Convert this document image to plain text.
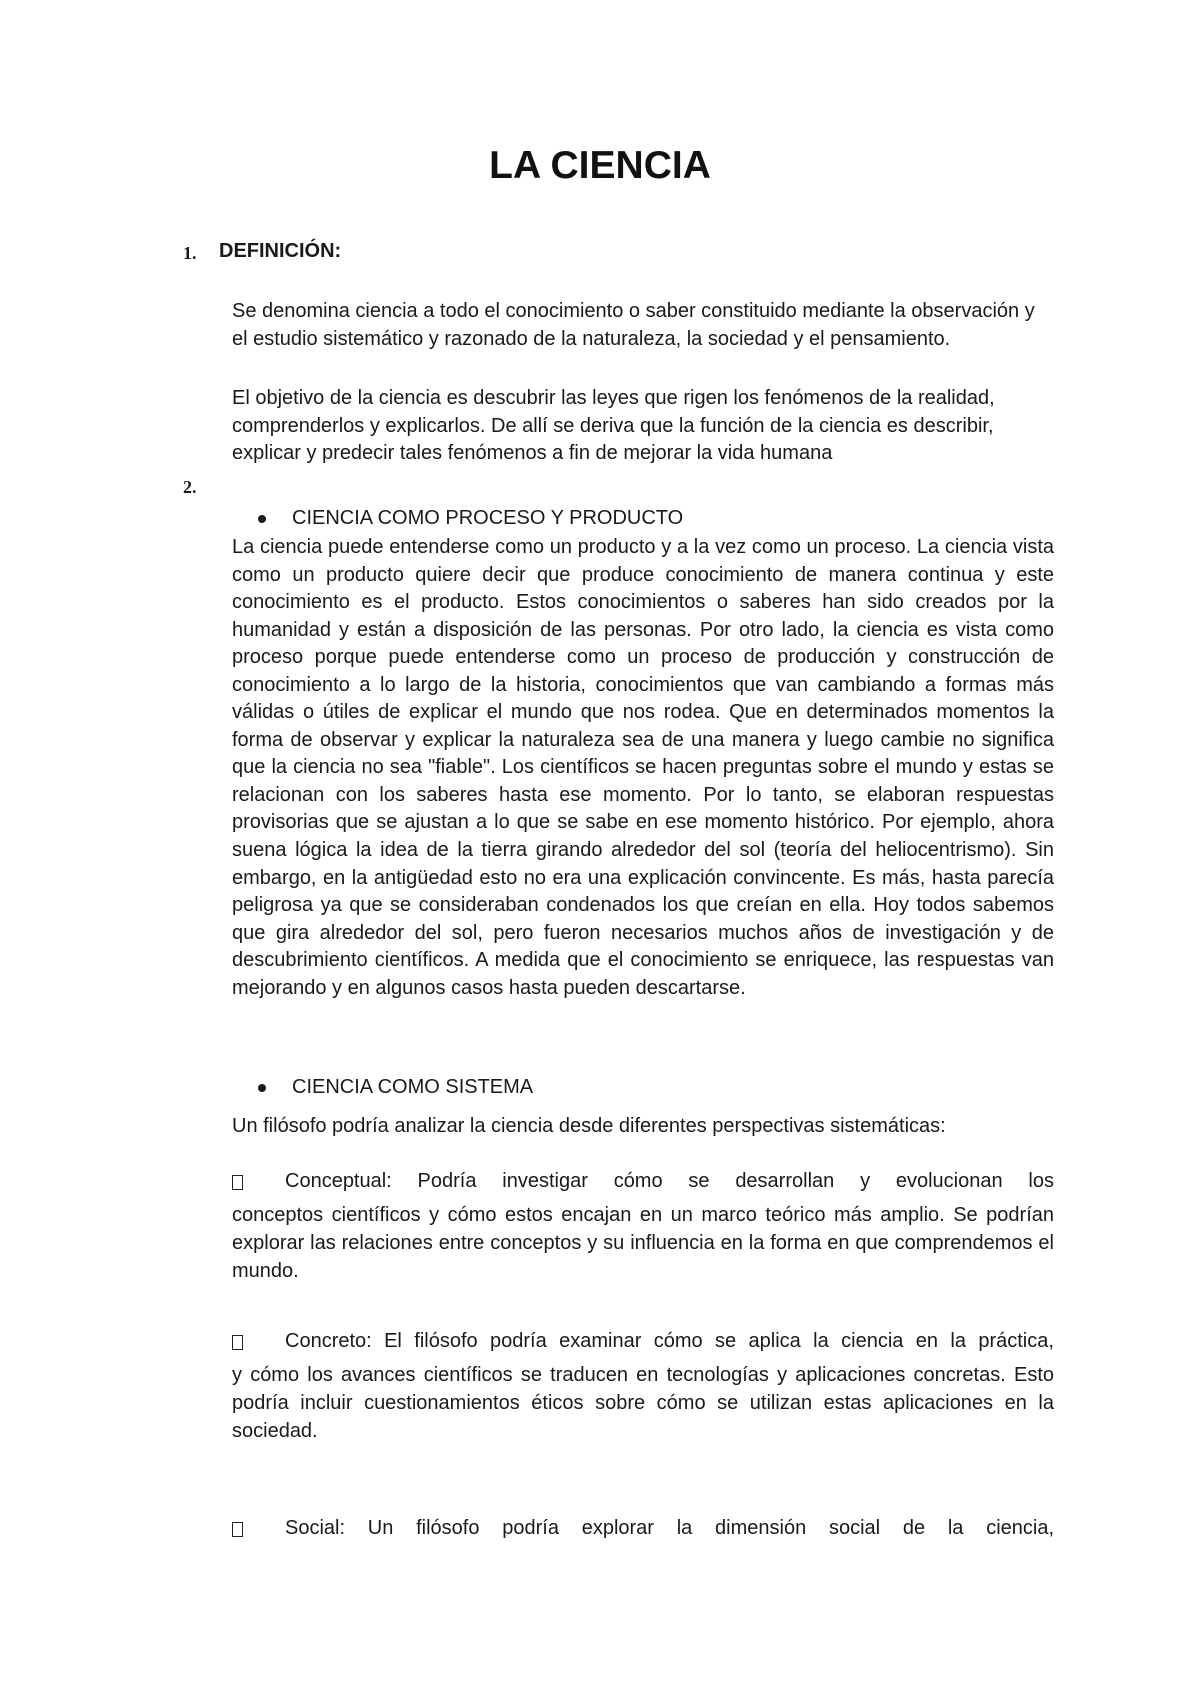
LA CIENCIA
1. DEFINICIÓN:

Se denomina ciencia a todo el conocimiento o saber constituido mediante la observación y el estudio sistemático y razonado de la naturaleza, la sociedad y el pensamiento.

El objetivo de la ciencia es descubrir las leyes que rigen los fenómenos de la realidad, comprenderlos y explicarlos. De allí se deriva que la función de la ciencia es describir, explicar y predecir tales fenómenos a fin de mejorar la vida humana

2.
CIENCIA COMO PROCESO Y PRODUCTO

La ciencia puede entenderse como un producto y a la vez como un proceso. La ciencia vista como un producto quiere decir que produce conocimiento de manera continua y este conocimiento es el producto. Estos conocimientos o saberes han sido creados por la humanidad y están a disposición de las personas. Por otro lado, la ciencia es vista como proceso porque puede entenderse como un proceso de producción y construcción de conocimiento a lo largo de la historia, conocimientos que van cambiando a formas más válidas o útiles de explicar el mundo que nos rodea. Que en determinados momentos la forma de observar y explicar la naturaleza sea de una manera y luego cambie no significa que la ciencia no sea "fiable". Los científicos se hacen preguntas sobre el mundo y estas se relacionan con los saberes hasta ese momento. Por lo tanto, se elaboran respuestas provisorias que se ajustan a lo que se sabe en ese momento histórico. Por ejemplo, ahora suena lógica la idea de la tierra girando alrededor del sol (teoría del heliocentrismo). Sin embargo, en la antigüedad esto no era una explicación convincente. Es más, hasta parecía peligrosa ya que se consideraban condenados los que creían en ella. Hoy todos sabemos que gira alrededor del sol, pero fueron necesarios muchos años de investigación y de descubrimiento científicos. A medida que el conocimiento se enriquece, las respuestas van mejorando y en algunos casos hasta pueden descartarse.

CIENCIA COMO SISTEMA

Un filósofo podría analizar la ciencia desde diferentes perspectivas sistemáticas:

Conceptual: Podría investigar cómo se desarrollan y evolucionan los

conceptos científicos y cómo estos encajan en un marco teórico más amplio. Se podrían explorar las relaciones entre conceptos y su influencia en la forma en que comprendemos el mundo.

Concreto: El filósofo podría examinar cómo se aplica la ciencia en la práctica,

y cómo los avances científicos se traducen en tecnologías y aplicaciones concretas. Esto podría incluir cuestionamientos éticos sobre cómo se utilizan estas aplicaciones en la sociedad.

Social: Un filósofo podría explorar la dimensión social de la ciencia,
